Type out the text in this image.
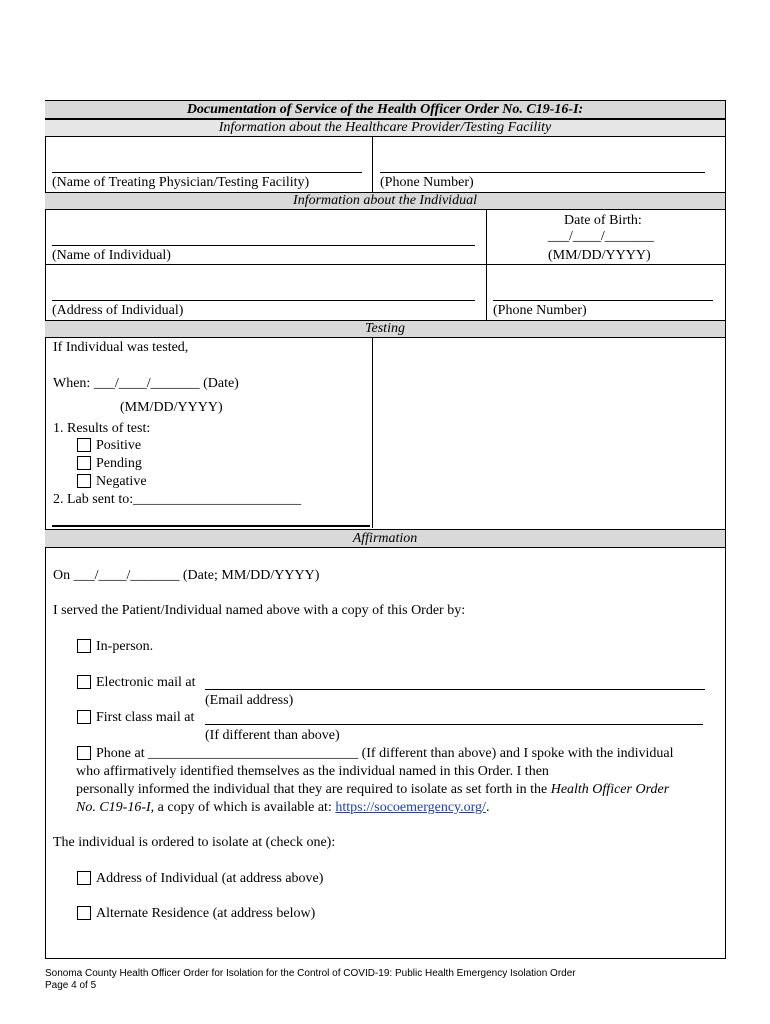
Documentation of Service of the Health Officer Order No. C19-16-I:
Information about the Healthcare Provider/Testing Facility
(Name of Treating Physician/Testing Facility)	(Phone Number)
Information about the Individual
Date of Birth:
___/____/_______
(MM/DD/YYYY)
(Name of Individual)
(Address of Individual)	(Phone Number)
Testing
If Individual was tested,
When: ___/____/_______ (Date)
(MM/DD/YYYY)
1. Results of test:
Positive
Pending
Negative
2. Lab sent to:________________________
Affirmation
On ___/____/_______ (Date; MM/DD/YYYY)
I served the Patient/Individual named above with a copy of this Order by:
In-person.
Electronic mail at
(Email address)
First class mail at
(If different than above)
Phone at ______________________________ (If different than above) and I spoke with the individual
who affirmatively identified themselves as the individual named in this Order. I then
personally informed the individual that they are required to isolate as set forth in the Health Officer Order
No. C19-16-I, a copy of which is available at: https://socoemergency.org/.
The individual is ordered to isolate at (check one):
Address of Individual (at address above)
Alternate Residence (at address below)
Sonoma County Health Officer Order for Isolation for the Control of COVID-19: Public Health Emergency Isolation Order
Page 4 of 5
